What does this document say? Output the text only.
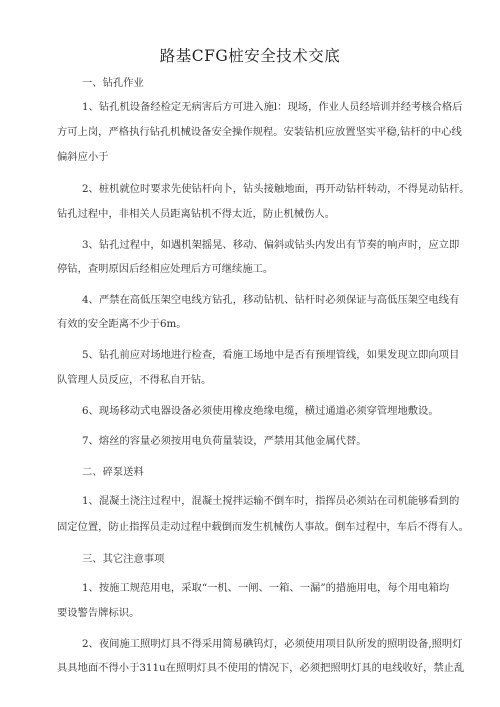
路基CFG桩安全技术交底
一、钻孔作业
1、钻孔机设备经检定无病害后方可进入施l：现场，作业人员经培训并经考核合格后
方可上岗，严格执行钻孔机械设备安全操作规程。安装钻机应放置坚实平稳,钻杆的中心线
偏斜应小于
2、桩机就位时要求先使钻杆向卜，钻头接触地面，再开动钻杆转动，不得晃动钻杆。
钻孔过程中，非相关人员距离钻机不得太近，防止机械伤人。
3、钻孔过程中，如遇机架摇晃、移动、偏斜或钻头内发出有节奏的响声时，应立即
停钻，查明原因后经相应处理后方可继续施工。
4、严禁在高低压架空电线方钻孔，移动钻机、钻杆时必须保证与高低压架空电线有
有效的安全距离不少于6m。
5、钻孔前应对场地进行检查，看施工场地中是否有预埋管线，如果发现立即向项目
队管理人员反应，不得私自开钻。
6、现场移动式电器设备必须使用橡皮绝缘电缆，横过通道必须穿管埋地敷设。
7、熔丝的容量必须按用电负荷量装设，严禁用其他金属代替。
二、碎泵送料
1、混凝土浇注过程中，混凝土搅拌运输不倒车时，指挥员必须站在司机能够看到的
固定位置，防止指挥员走动过程中载倒而发生机械伤人事故。倒车过程中，车后不得有人。
三、其它注意事项
1、按施工规范用电，采取“一机、一闸、一箱、一漏”的措施用电，每个用电箱均
要设警告牌标识。
2、夜间施工照明灯具不得采用简易碘钨灯，必须使用项目队所发的照明设备,照明灯
具具地面不得小于311u在照明灯具不使用的情况下，必须把照明灯具的电线收好，禁止乱
